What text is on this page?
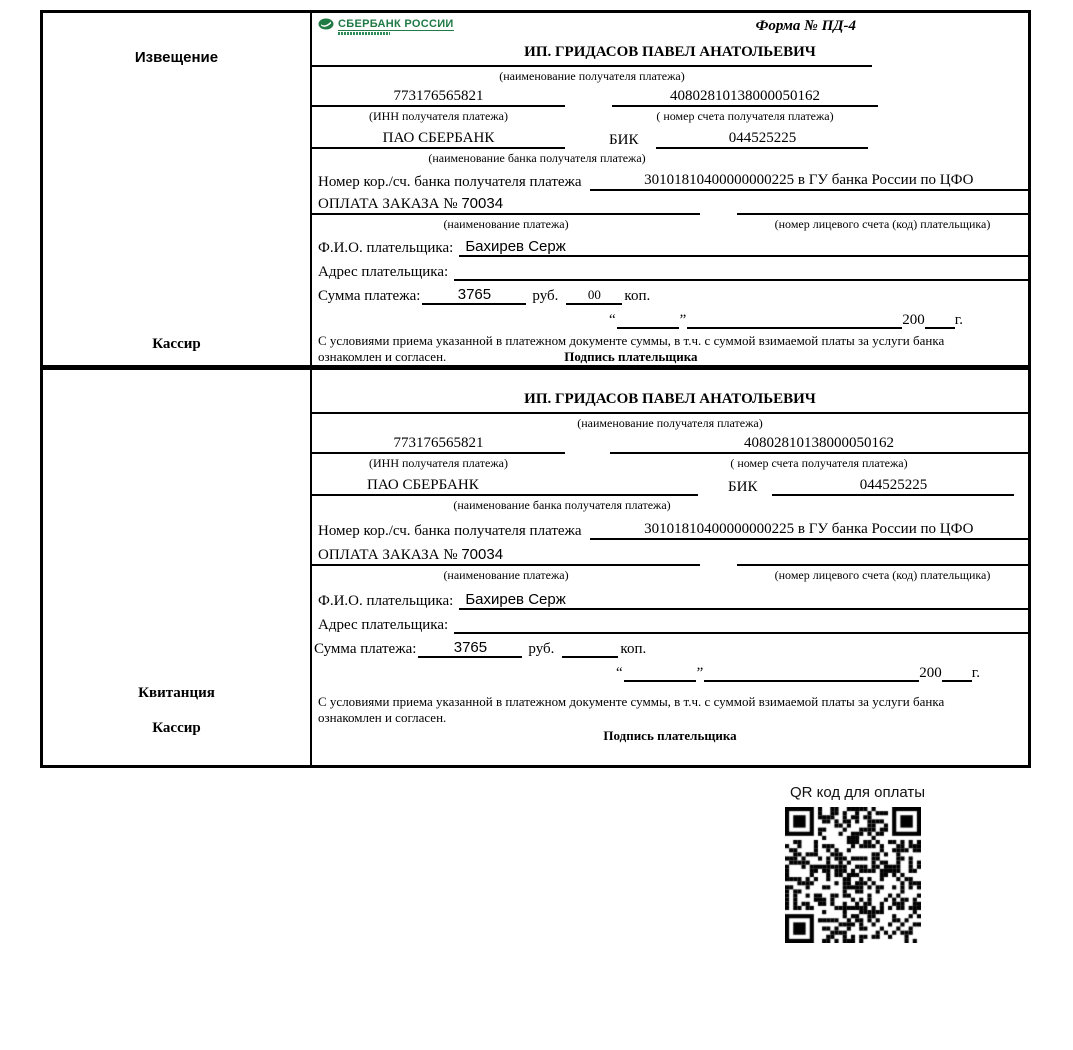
Извещение
Кассир
СБЕРБАНК РОССИИ	Форма № ПД-4
ИП. ГРИДАСОВ ПАВЕЛ АНАТОЛЬЕВИЧ
(наименование получателя платежа)
773176565821	40802810138000050162
(ИНН получателя платежа)	( номер счета получателя платежа)
ПАО СБЕРБАНК	БИК	044525225
(наименование банка получателя платежа)
Номер кор./сч. банка получателя платежа	30101810400000000225 в ГУ банка России по ЦФО
ОПЛАТА ЗАКАЗА № 70034
(наименование платежа)	(номер лицевого счета (код) плательщика)
Ф.И.О. плательщика: Бахирев Серж
Адрес плательщика:
Сумма платежа:	3765	руб.	00	коп.
“	”	200 г.
С условиями приема указанной в платежном документе суммы, в т.ч. с суммой взимаемой платы за услуги банка
ознакомлен и согласен.	Подпись плательщика
Квитанция
Кассир
ИП. ГРИДАСОВ ПАВЕЛ АНАТОЛЬЕВИЧ
(наименование получателя платежа)
773176565821	40802810138000050162
(ИНН получателя платежа)	( номер счета получателя платежа)
ПАО СБЕРБАНК	БИК	044525225
(наименование банка получателя платежа)
Номер кор./сч. банка получателя платежа	30101810400000000225 в ГУ банка России по ЦФО
ОПЛАТА ЗАКАЗА № 70034
(наименование платежа)	(номер лицевого счета (код) плательщика)
Ф.И.О. плательщика: Бахирев Серж
Адрес плательщика:
Сумма платежа:	3765	руб.	коп.
“	”	200 г.
С условиями приема указанной в платежном документе суммы, в т.ч. с суммой взимаемой платы за услуги банка
ознакомлен и согласен.
Подпись плательщика
QR код для оплаты
